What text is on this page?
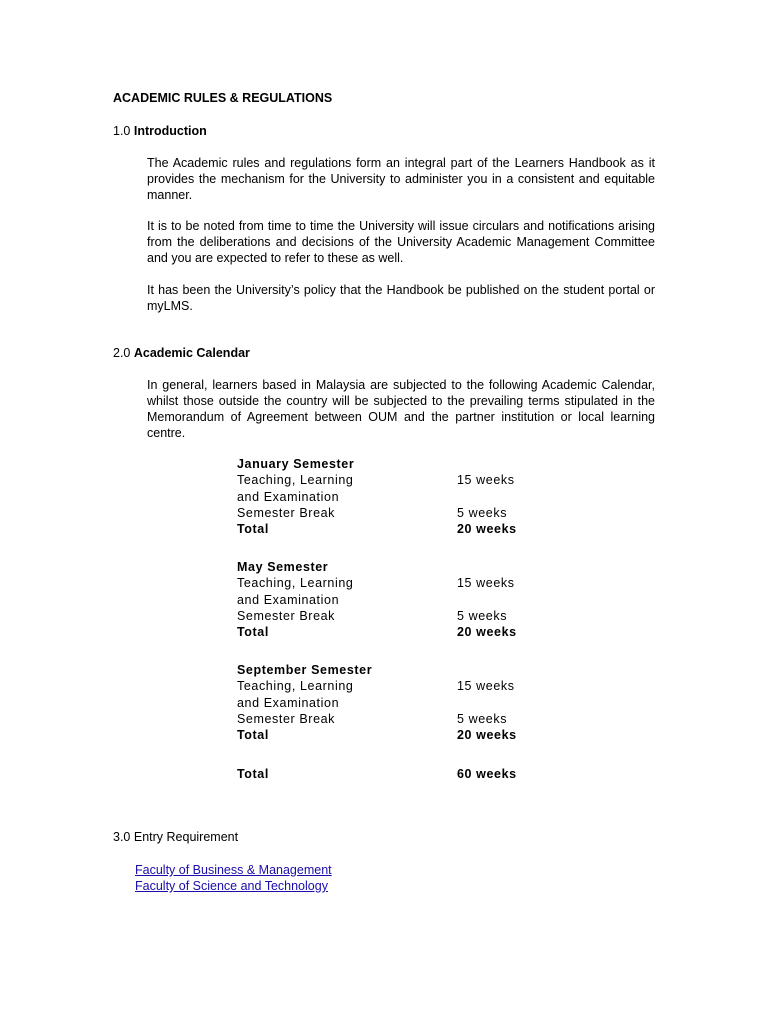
ACADEMIC RULES & REGULATIONS
1.0 Introduction
The Academic rules and regulations form an integral part of the Learners Handbook as it provides the mechanism for the University to administer you in a consistent and equitable manner.
It is to be noted from time to time the University will issue circulars and notifications arising from the deliberations and decisions of the University Academic Management Committee and you are expected to refer to these as well.
It has been the University’s policy that the Handbook be published on the student portal or myLMS.
2.0 Academic Calendar
In general, learners based in Malaysia are subjected to the following Academic Calendar, whilst those outside the country will be subjected to the prevailing terms stipulated in the Memorandum of Agreement between OUM and the partner institution or local learning centre.
January Semester
Teaching, Learning	15 weeks
and Examination
Semester Break	5 weeks
Total	20 weeks
May Semester
Teaching, Learning	15 weeks
and Examination
Semester Break	5 weeks
Total	20 weeks
September Semester
Teaching, Learning	15 weeks
and Examination
Semester Break	5 weeks
Total	20 weeks
Total	60 weeks
3.0 Entry Requirement
Faculty of Business & Management
Faculty of Science and Technology
